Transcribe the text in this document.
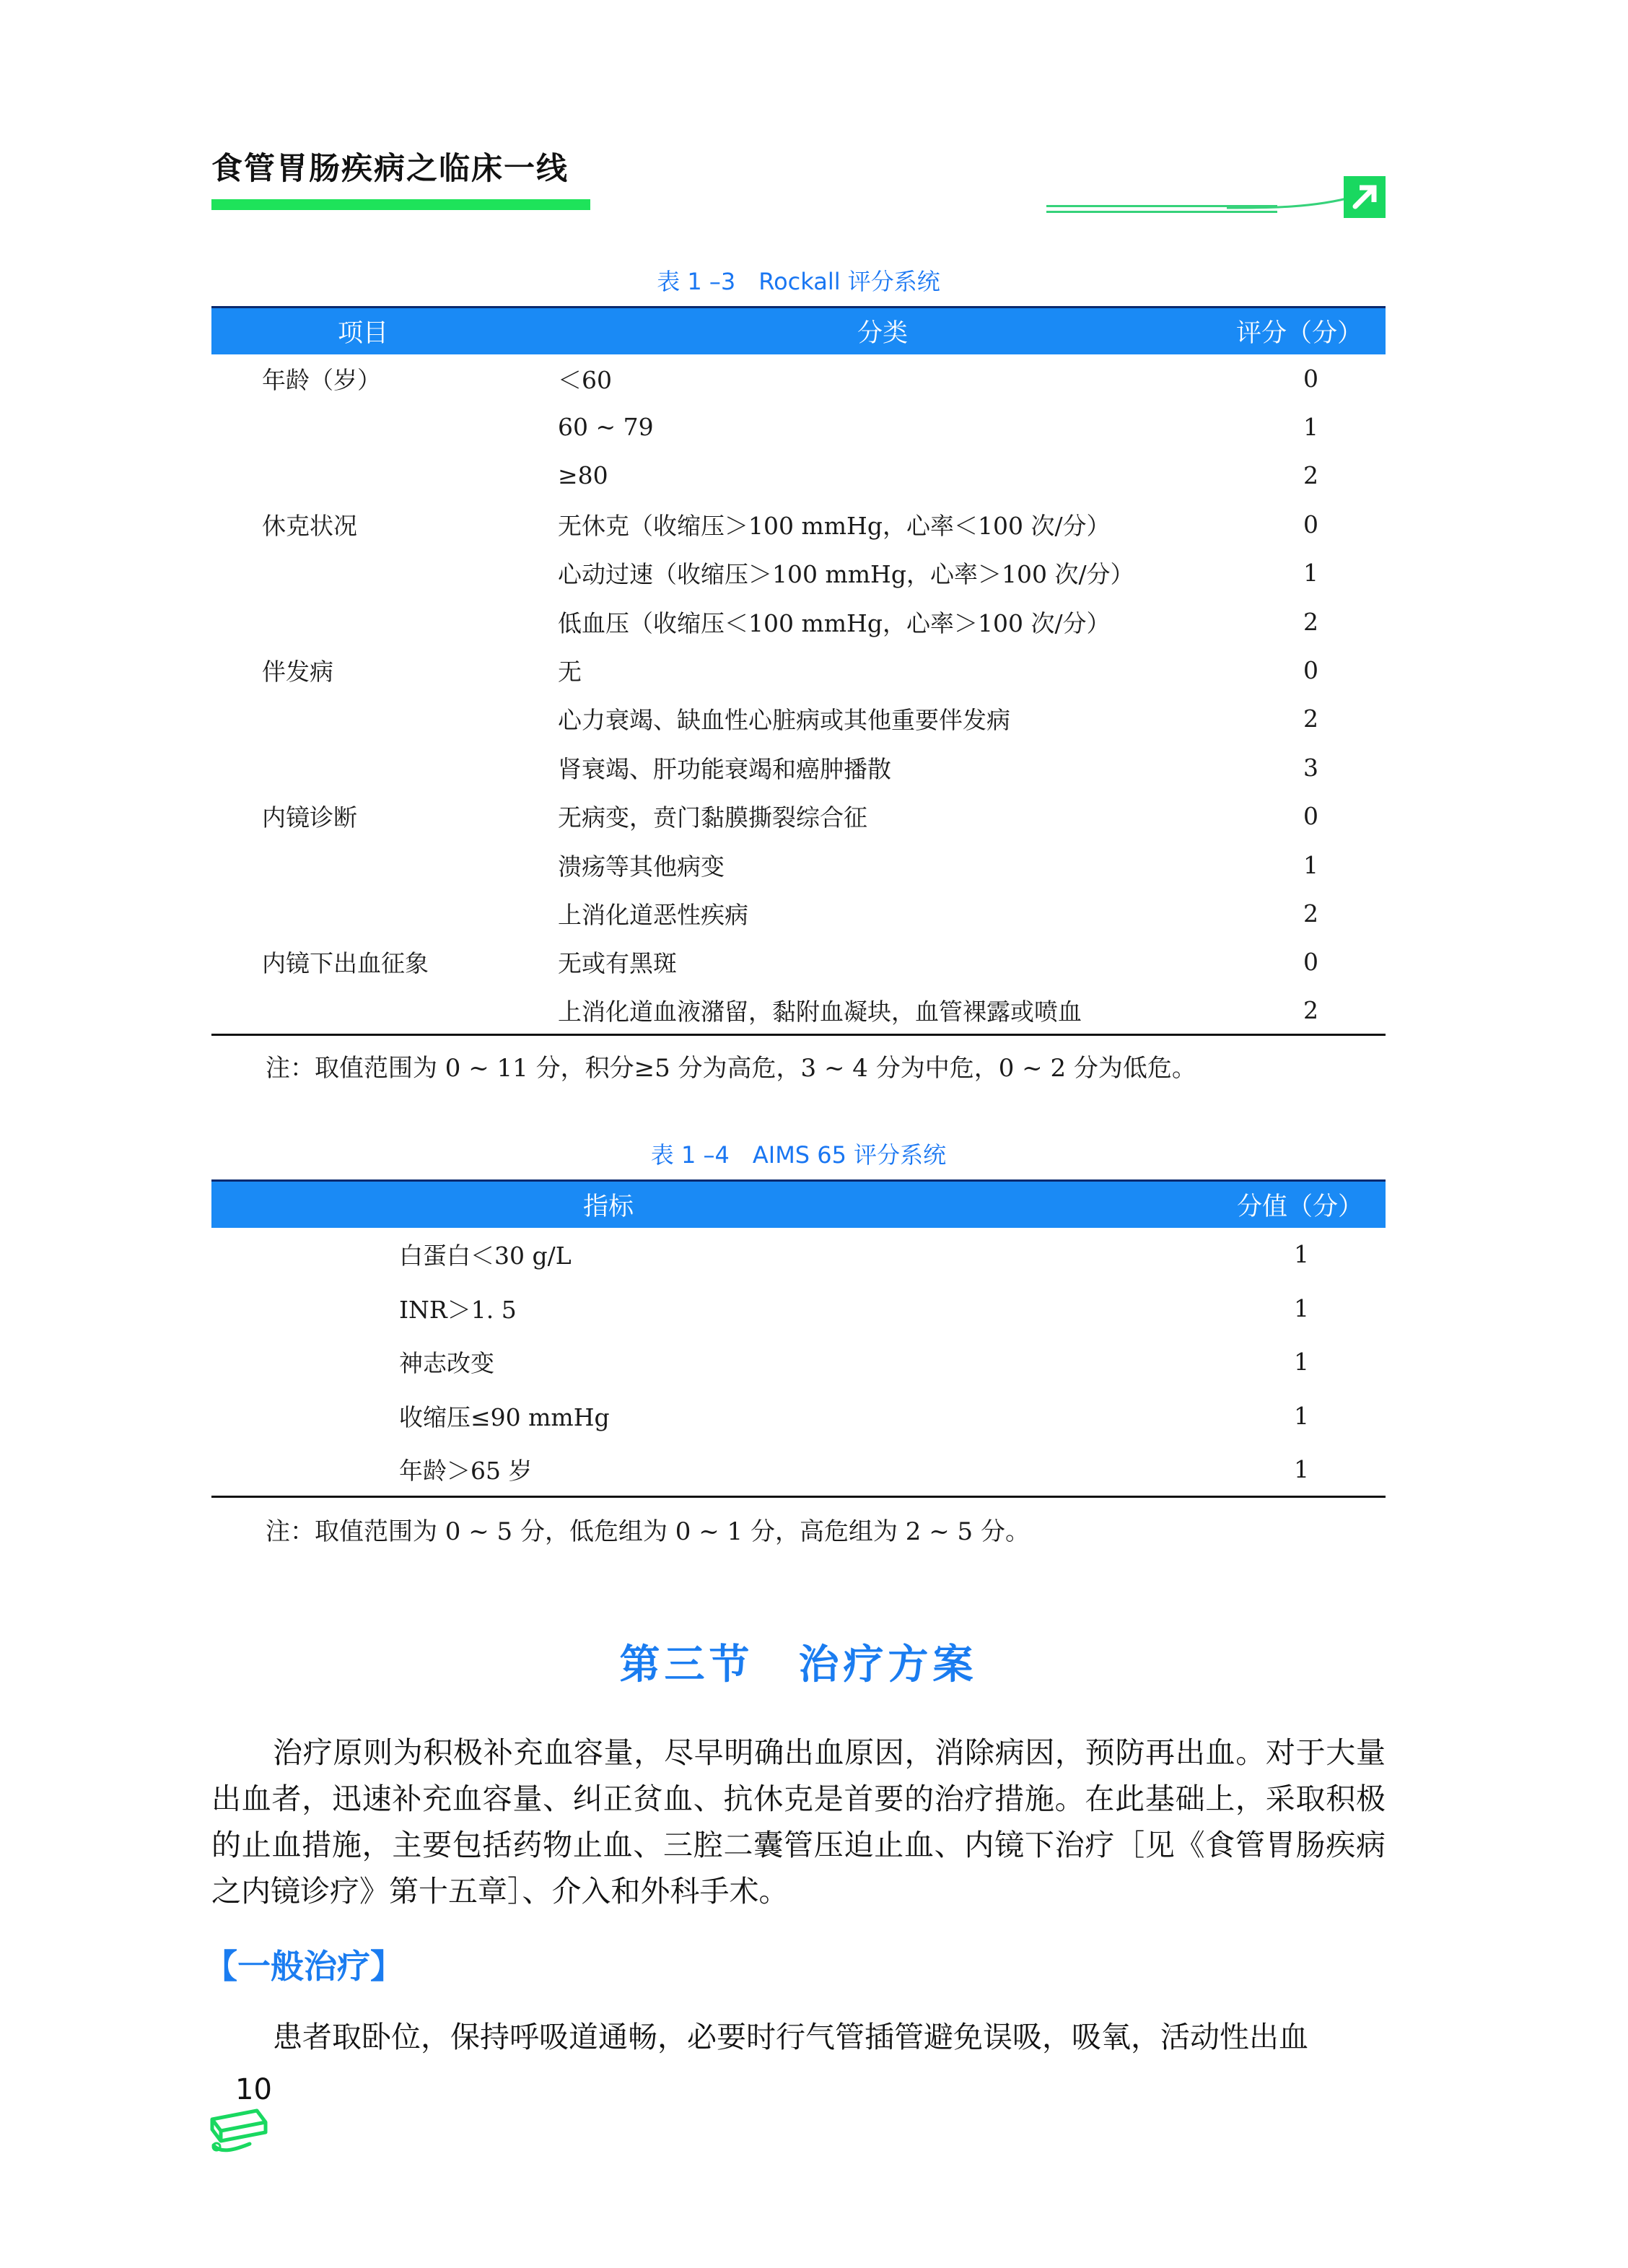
食管胃肠疾病之临床一线
表 1 –3　Rockall 评分系统
项目	分类	评分（分）
年龄（岁）	＜60	0
	60 ~ 79	1
	≥80	2
休克状况	无休克（收缩压＞100 mmHg，心率＜100 次/分）	0
	心动过速（收缩压＞100 mmHg，心率＞100 次/分）	1
	低血压（收缩压＜100 mmHg，心率＞100 次/分）	2
伴发病	无	0
	心力衰竭、缺血性心脏病或其他重要伴发病	2
	肾衰竭、肝功能衰竭和癌肿播散	3
内镜诊断	无病变，贲门黏膜撕裂综合征	0
	溃疡等其他病变	1
	上消化道恶性疾病	2
内镜下出血征象	无或有黑斑	0
	上消化道血液潴留，黏附血凝块，血管裸露或喷血	2
注：取值范围为 0 ~ 11 分，积分≥5 分为高危，3 ~ 4 分为中危，0 ~ 2 分为低危。
表 1 –4　AIMS 65 评分系统
指标	分值（分）
白蛋白＜30 g/L	1
INR＞1. 5	1
神志改变	1
收缩压≤90 mmHg	1
年龄＞65 岁	1
注：取值范围为 0 ~ 5 分，低危组为 0 ~ 1 分，高危组为 2 ~ 5 分。
第三节　治疗方案
治疗原则为积极补充血容量，尽早明确出血原因，消除病因，预防再出血。对于大量出血者，迅速补充血容量、纠正贫血、抗休克是首要的治疗措施。在此基础上，采取积极的止血措施，主要包括药物止血、三腔二囊管压迫止血、内镜下治疗［见《食管胃肠疾病之内镜诊疗》第十五章］、介入和外科手术。
【一般治疗】
患者取卧位，保持呼吸道通畅，必要时行气管插管避免误吸，吸氧，活动性出血
10
